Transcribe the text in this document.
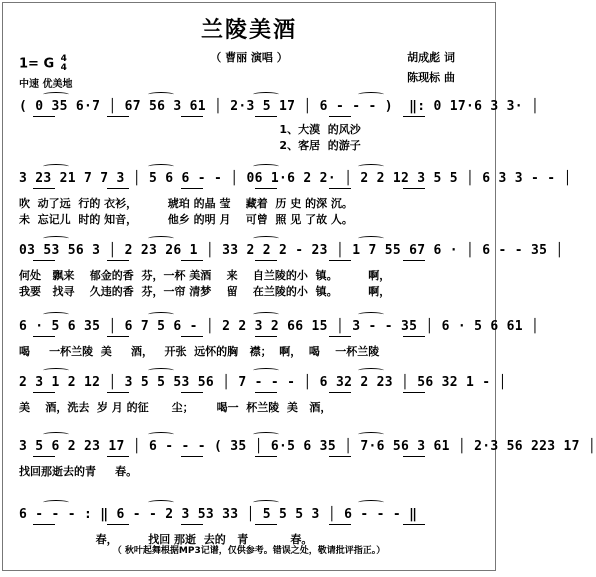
兰陵美酒
（ 曹丽 演唱 ）
1= G 4
4
中速 优美地
胡成彪 词
陈现标 曲
( 0 35 6·7 │ 67 56 3 61 │ 2·3 5 17 │ 6 - - - )  ‖: 0 17·6 3 3· │
1、大漠  的风沙
2、客居  的游子
3 23 21 7 7 3 │ 5 6 6 - - │ 06 1·6 2 2· │ 2 2 12 3 5 5 │ 6 3 3 - - │
吹  动了远  行的 衣衫，        琥珀 的晶 莹    藏着  历 史 的深 沉。
未  忘记儿  时的 知音，        他乡 的明 月    可曾  照 见 了故 人。
03 53 56 3 │ 2 23 26 1 │ 33 2 2 2 - 23 │ 1 7 55 67 6 · │ 6 - - 35 │
何处   飘来    郁金的香  芬，一杯 美酒    来    自兰陵的小  镇。        啊，
我要   找寻    久违的香  芬，一帘 清梦    留    在兰陵的小  镇。        啊，
6 · 5 6 35 │ 6 7 5 6 - │ 2 2 3 2 66 15 │ 3 - - 35 │ 6 · 5 6 61 │
喝     一杯兰陵  美     酒，   开张  远怀的胸   襟；  啊，  喝    一杯兰陵
2 3 1 2 12 │ 3 5 5 53 56 │ 7 - - - │ 6 32 2 23 │ 56 32 1 - │
美    酒，洗去  岁 月 的征      尘；      喝一  杯兰陵  美   酒，
3 5 6 2 23 17 │ 6 - - - ( 35 │ 6·5 6 35 │ 7·6 56 3 61 │ 2·3 56 223 17 │
找回那逝去的青     春。
6 - - - : ‖ 6 - - 2 3 53 33 │ 5 5 5 3 │ 6 - - - ‖
春，        找回 那逝  去的   青           春。
（ 秋叶起舞根据MP3记谱，仅供参考。错误之处，敬请批评指正。）
